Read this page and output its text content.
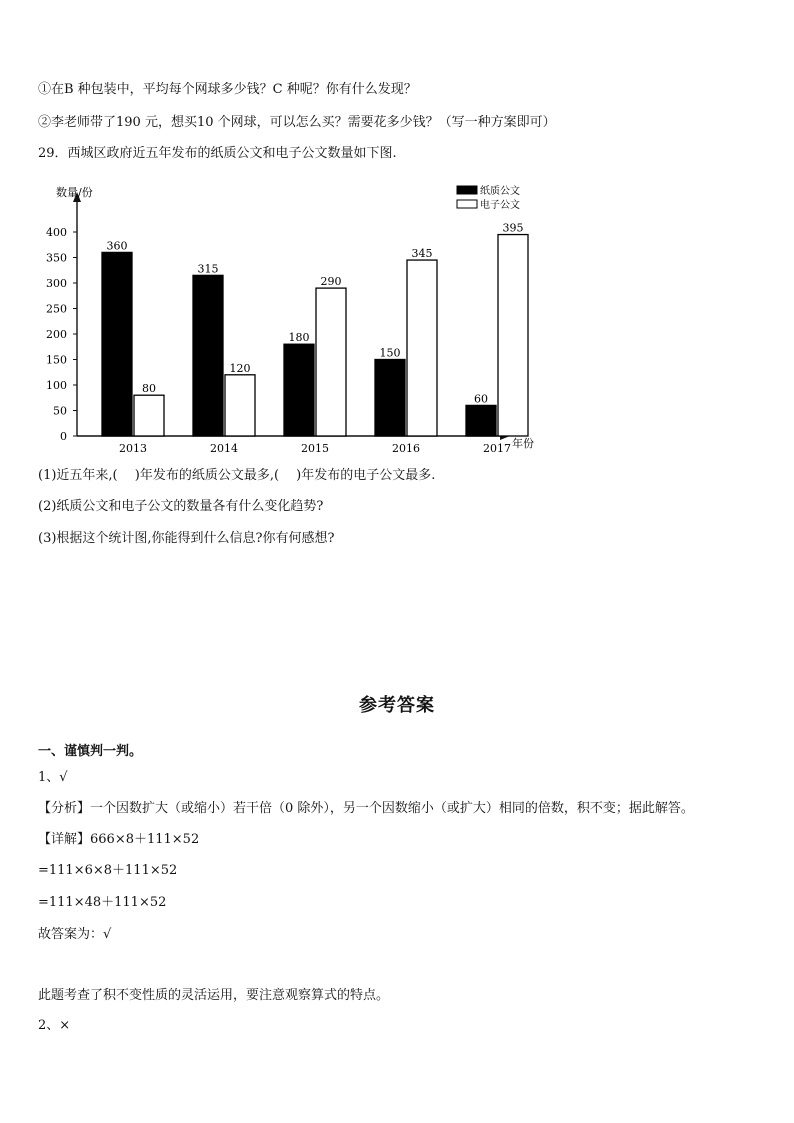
①在B 种包装中，平均每个网球多少钱？C 种呢？你有什么发现？
②李老师带了190 元，想买10 个网球，可以怎么买？需要花多少钱？（写一种方案即可）
29．西城区政府近五年发布的纸质公文和电子公文数量如下图.
数量/份
年份
0
50
100
150
200
250
300
350
400
360
80
315
120
180
290
150
345
60
395
2013	2014	2015	2016	2017
纸质公文
电子公文
(1)近五年来,(　 )年发布的纸质公文最多,(　 )年发布的电子公文最多.
(2)纸质公文和电子公文的数量各有什么变化趋势?
(3)根据这个统计图,你能得到什么信息?你有何感想?
参考答案
一、谨慎判一判。
1、√
【分析】一个因数扩大（或缩小）若干倍（0 除外），另一个因数缩小（或扩大）相同的倍数，积不变；据此解答。
【详解】666×8＋111×52
=111×6×8＋111×52
=111×48＋111×52
故答案为：√
此题考查了积不变性质的灵活运用，要注意观察算式的特点。
2、×
